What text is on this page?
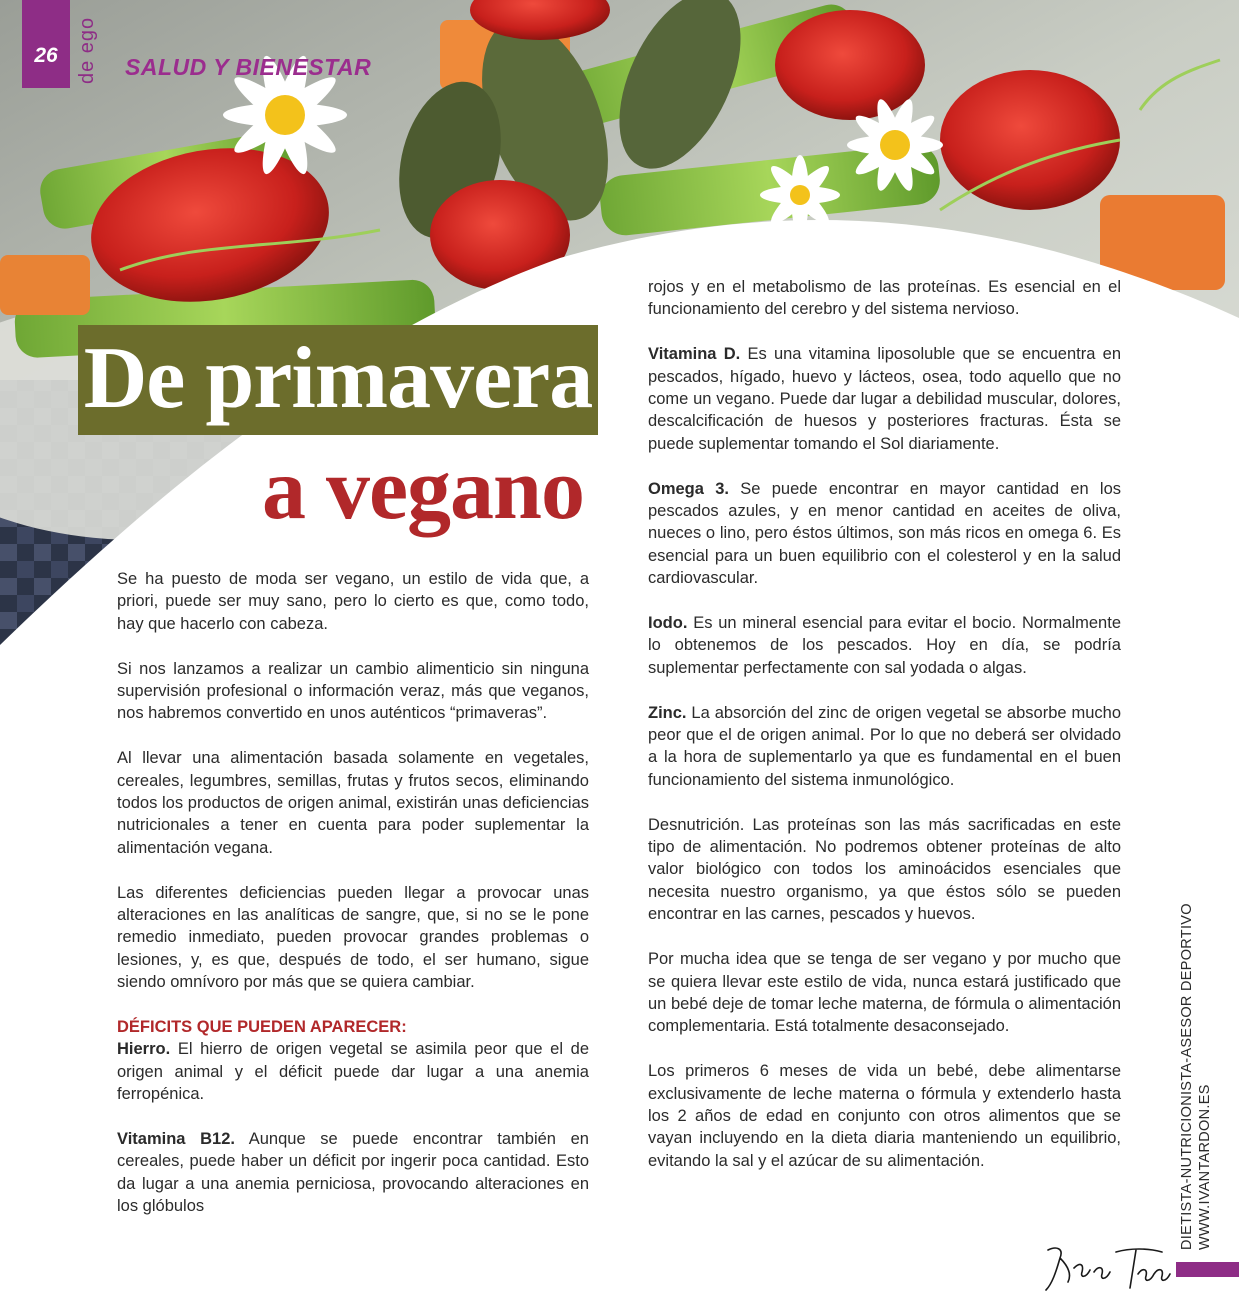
26 de ego SALUD Y BIENESTAR
De primavera
a vegano

Se ha puesto de moda ser vegano, un estilo de vida que, a priori, puede ser muy sano, pero lo cierto es que, como todo, hay que hacerlo con cabeza.

Si nos lanzamos a realizar un cambio alimenticio sin ninguna supervisión profesional o información veraz, más que veganos, nos habremos convertido en unos auténticos “primaveras”.

Al llevar una alimentación basada solamente en vegetales, cereales, legumbres, semillas, frutas y frutos secos, eliminando todos los productos de origen animal, existirán unas deficiencias nutricionales a tener en cuenta para poder suplementar la alimentación vegana.

Las diferentes deficiencias pueden llegar a provocar unas alteraciones en las analíticas de sangre, que, si no se le pone remedio inmediato, pueden provocar grandes problemas o lesiones, y, es que, después de todo, el ser humano, sigue siendo omnívoro por más que se quiera cambiar.

DÉFICITS QUE PUEDEN APARECER:

Hierro. El hierro de origen vegetal se asimila peor que el de origen animal y el déficit puede dar lugar a una anemia ferropénica.

Vitamina B12. Aunque se puede encontrar también en cereales, puede haber un déficit por ingerir poca cantidad. Esto da lugar a una anemia perniciosa, provocando alteraciones en los glóbulos

rojos y en el metabolismo de las proteínas. Es esencial en el funcionamiento del cerebro y del sistema nervioso.

Vitamina D. Es una vitamina liposoluble que se encuentra en pescados, hígado, huevo y lácteos, osea, todo aquello que no come un vegano. Puede dar lugar a debilidad muscular, dolores, descalcificación de huesos y posteriores fracturas. Ésta se puede suplementar tomando el Sol diariamente.

Omega 3. Se puede encontrar en mayor cantidad en los pescados azules, y en menor cantidad en aceites de oliva, nueces o lino, pero éstos últimos, son más ricos en omega 6. Es esencial para un buen equilibrio con el colesterol y en la salud cardiovascular.

Iodo. Es un mineral esencial para evitar el bocio. Normalmente lo obtenemos de los pescados. Hoy en día, se podría suplementar perfectamente con sal yodada o algas.

Zinc. La absorción del zinc de origen vegetal se absorbe mucho peor que el de origen animal. Por lo que no deberá ser olvidado a la hora de suplementarlo ya que es fundamental en el buen funcionamiento del sistema inmunológico.

Desnutrición. Las proteínas son las más sacrificadas en este tipo de alimentación. No podremos obtener proteínas de alto valor biológico con todos los aminoácidos esenciales que necesita nuestro organismo, ya que éstos sólo se pueden encontrar en las carnes, pescados y huevos.

Por mucha idea que se tenga de ser vegano y por mucho que se quiera llevar este estilo de vida, nunca estará justificado que un bebé deje de tomar leche materna, de fórmula o alimentación complementaria. Está totalmente desaconsejado.

Los primeros 6 meses de vida un bebé, debe alimentarse exclusivamente de leche materna o fórmula y extenderlo hasta los 2 años de edad en conjunto con otros alimentos que se vayan incluyendo en la dieta diaria manteniendo un equilibrio, evitando la sal y el azúcar de su alimentación.	DIETISTA-NUTRICIONISTA-ASESOR DEPORTIVO WWW.IVANTARDON.ES
